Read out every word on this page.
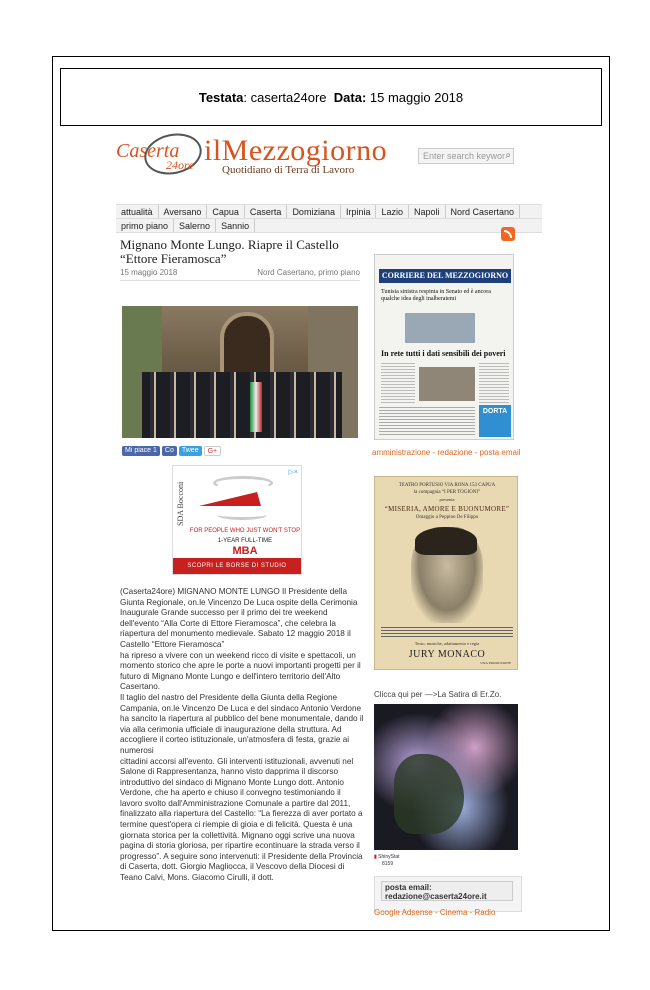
Testata: caserta24ore Data: 15 maggio 2018
Caserta
24ore ilMezzogiorno
Quotidiano di Terra di Lavoro
Enter search keywor ⌕
attualità	Aversano	Capua	Caserta	Domiziana	Irpinia	Lazio	Napoli	Nord Casertano
primo piano	Salerno	Sannio
Mignano Monte Lungo. Riapre il Castello “Ettore Fieramosca”
15 maggio 2018	Nord Casertano, primo piano
Mi piace 1	Co	Twee	G+
SDA Bocconi
▷×
FOR PEOPLE WHO JUST WON'T STOP
1-YEAR FULL-TIME
MBA
SCOPRI LE BORSE DI STUDIO

(Caserta24ore) MIGNANO MONTE LUNGO Il Presidente della Giunta Regionale, on.le Vincenzo De Luca ospite della Cerimonia Inaugurale Grande successo per il primo dei tre weekend dell'evento “Alla Corte di Ettore Fieramosca”, che celebra la riapertura del monumento medievale. Sabato 12 maggio 2018 il Castello “Ettore Fieramosca”

ha ripreso a vivere con un weekend ricco di visite e spettacoli, un momento storico che apre le porte a nuovi importanti progetti per il futuro di Mignano Monte Lungo e dell'intero territorio dell'Alto Casertano.

Il taglio del nastro del Presidente della Giunta della Regione Campania, on.le Vincenzo De Luca e del sindaco Antonio Verdone ha sancito la riapertura al pubblico del bene monumentale, dando il via alla cerimonia ufficiale di inaugurazione della struttura. Ad accogliere il corteo istituzionale, un'atmosfera di festa, grazie ai numerosi

cittadini accorsi all'evento. Gli interventi istituzionali, avvenuti nel Salone di Rappresentanza, hanno visto dapprima il discorso introduttivo del sindaco di Mignano Monte Lungo dott. Antonio Verdone, che ha aperto e chiuso il convegno testimoniando il lavoro svolto dall'Amministrazione Comunale a partire dal 2011, finalizzato alla riapertura del Castello: “La fierezza di aver portato a termine quest'opera ci riempie di gioia e di felicità. Questa è una giornata storica per la collettività. Mignano oggi scrive una nuova pagina di storia gloriosa, per ripartire econtinuare la strada verso il progresso”. A seguire sono intervenuti: il Presidente della Provincia di Caserta, dott. Giorgio Magliocca, il Vescovo della Diocesi di Teano Calvi, Mons. Giacomo Cirulli, il dott.

CORRIERE DEL MEZZOGIORNO
Tunisia sinistra respinta in Senato ed è ancora qualche idea degli inalberatemi
In rete tutti i dati sensibili dei poveri
DORTA
amministrazione - redazione - posta email
TEATRO PORTUSIO VIA RONA 153 CAPUA
la compagnia “I PER TOGIONI”
presenta
“MISERIA, AMORE E BUONUMORE”
Omaggio a Peppino De Filippo
Testo, musiche, adattamento e regia
JURY MONACO
UNA PRODUZIONE
Clicca qui per —>La Satira di Er.Zo.
▮ ShinyStat
8159
posta email:
redazione@caserta24ore.it
Google Adsense - Cinema - Radio
